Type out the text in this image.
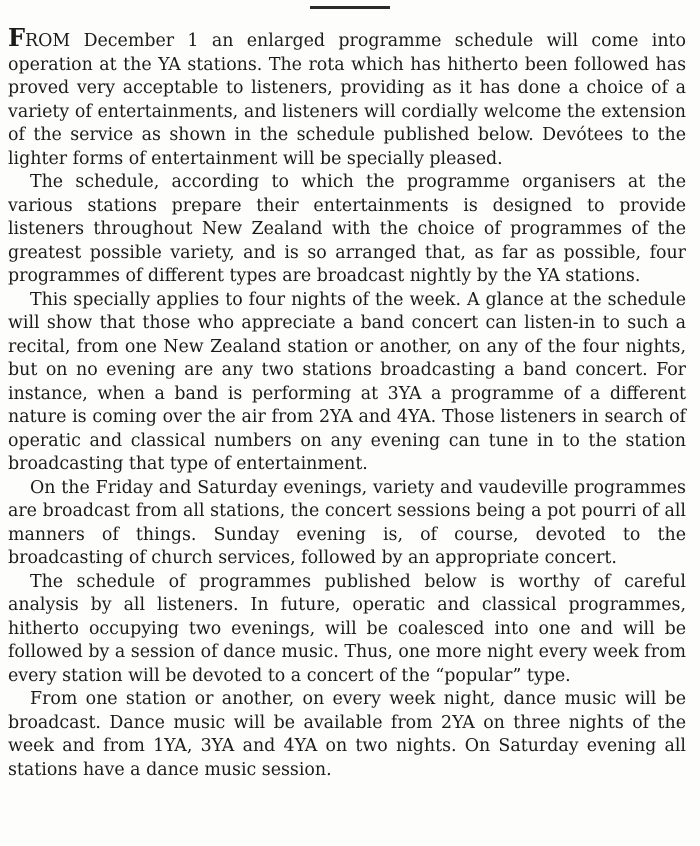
FROM December 1 an enlarged programme schedule will come into operation at the YA stations. The rota which has hitherto been followed has proved very acceptable to listeners, providing as it has done a choice of a variety of entertainments, and listeners will cordially welcome the extension of the service as shown in the schedule published below. Devótees to the lighter forms of entertainment will be specially pleased.

The schedule, according to which the programme organisers at the various stations prepare their entertainments is designed to provide listeners throughout New Zealand with the choice of programmes of the greatest possible variety, and is so arranged that, as far as possible, four programmes of different types are broadcast nightly by the YA stations.

This specially applies to four nights of the week. A glance at the schedule will show that those who appreciate a band concert can listen-in to such a recital, from one New Zealand station or another, on any of the four nights, but on no evening are any two stations broadcasting a band concert. For instance, when a band is performing at 3YA a programme of a different nature is coming over the air from 2YA and 4YA. Those listeners in search of operatic and classical numbers on any evening can tune in to the station broadcasting that type of entertainment.

On the Friday and Saturday evenings, variety and vaudeville programmes are broadcast from all stations, the concert sessions being a pot pourri of all manners of things. Sunday evening is, of course, devoted to the broadcasting of church services, followed by an appropriate concert.

The schedule of programmes published below is worthy of careful analysis by all listeners. In future, operatic and classical programmes, hitherto occupying two evenings, will be coalesced into one and will be followed by a session of dance music. Thus, one more night every week from every station will be devoted to a concert of the “popular” type.

From one station or another, on every week night, dance music will be broadcast. Dance music will be available from 2YA on three nights of the week and from 1YA, 3YA and 4YA on two nights. On Saturday evening all stations have a dance music session.
